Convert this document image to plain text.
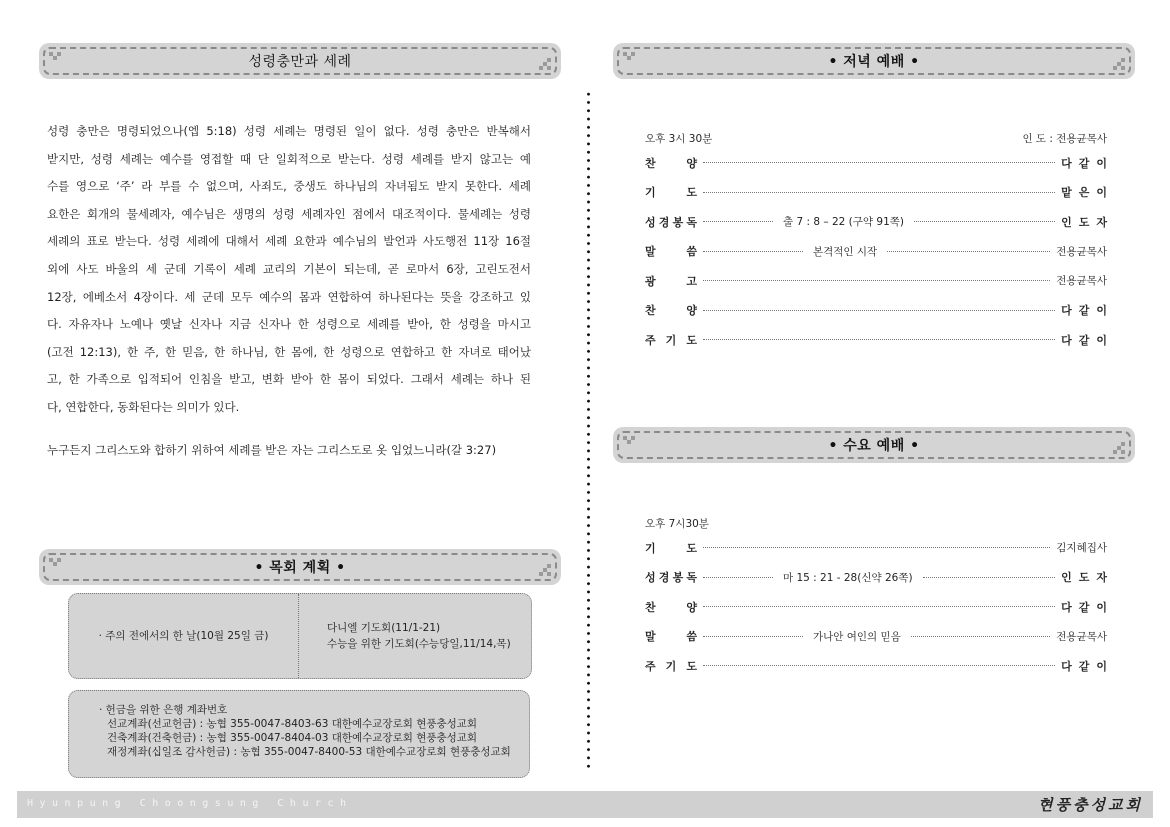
성령충만과 세례

성령 충만은 명령되었으나(엡 5:18) 성령 세례는 명령된 일이 없다. 성령 충만은 반복해서

받지만, 성령 세례는 예수를 영접할 때 단 일회적으로 받는다. 성령 세례를 받지 않고는 예

수를 영으로 ‘주’ 라 부를 수 없으며, 사죄도, 중생도 하나님의 자녀됨도 받지 못한다. 세례

요한은 회개의 물세례자, 예수님은 생명의 성령 세례자인 점에서 대조적이다. 물세례는 성령

세례의 표로 받는다. 성령 세례에 대해서 세례 요한과 예수님의 발언과 사도행전 11장 16절

외에 사도 바울의 세 군데 기록이 세례 교리의 기본이 되는데, 곧 로마서 6장, 고린도전서

12장, 에베소서 4장이다. 세 군데 모두 예수의 몸과 연합하여 하나된다는 뜻을 강조하고 있

다. 자유자나 노예나 옛날 신자나 지금 신자나 한 성령으로 세례를 받아, 한 성령을 마시고

(고전 12:13), 한 주, 한 믿음, 한 하나님, 한 몸에, 한 성령으로 연합하고 한 자녀로 태어났

고, 한 가족으로 입적되어 인침을 받고, 변화 받아 한 몸이 되었다. 그래서 세례는 하나 된

다, 연합한다, 동화된다는 의미가 있다.

누구든지 그리스도와 합하기 위하여 세례를 받은 자는 그리스도로 옷 입었느니라(갈 3:27)
• 목회 계획 •
· 주의 전에서의 한 날(10월 25일 금)
다니엘 기도회(11/1-21)
수능을 위한 기도회(수능당일,11/14,목)
· 헌금을 위한 은행 계좌번호
선교계좌(선교헌금) : 농협 355-0047-8403-63 대한예수교장로회 현풍충성교회
건축계좌(건축헌금) : 농협 355-0047-8404-03 대한예수교장로회 현풍충성교회
재정계좌(십일조 감사헌금) : 농협 355-0047-8400-53 대한예수교장로회 현풍충성교회
• 저녁 예배 •
오후 3시 30분	인 도 : 전용균목사
찬	양	다같이
기	도	맡은이
성 경 봉 독	출 7 : 8 – 22 (구약 91쪽)	인도자
말	씀	본격적인 시작	전용균목사
광	고	전용균목사
찬	양	다같이
주 기 도	다같이
• 수요 예배 •
오후 7시30분
기	도	김지혜집사
성 경 봉 독	마 15 : 21 - 28(신약 26쪽)	인도자
찬	양	다같이
말	씀	가나안 여인의 믿음	전용균목사
주 기 도	다같이
Hyunpung Choongsung Church	현풍충성교회
